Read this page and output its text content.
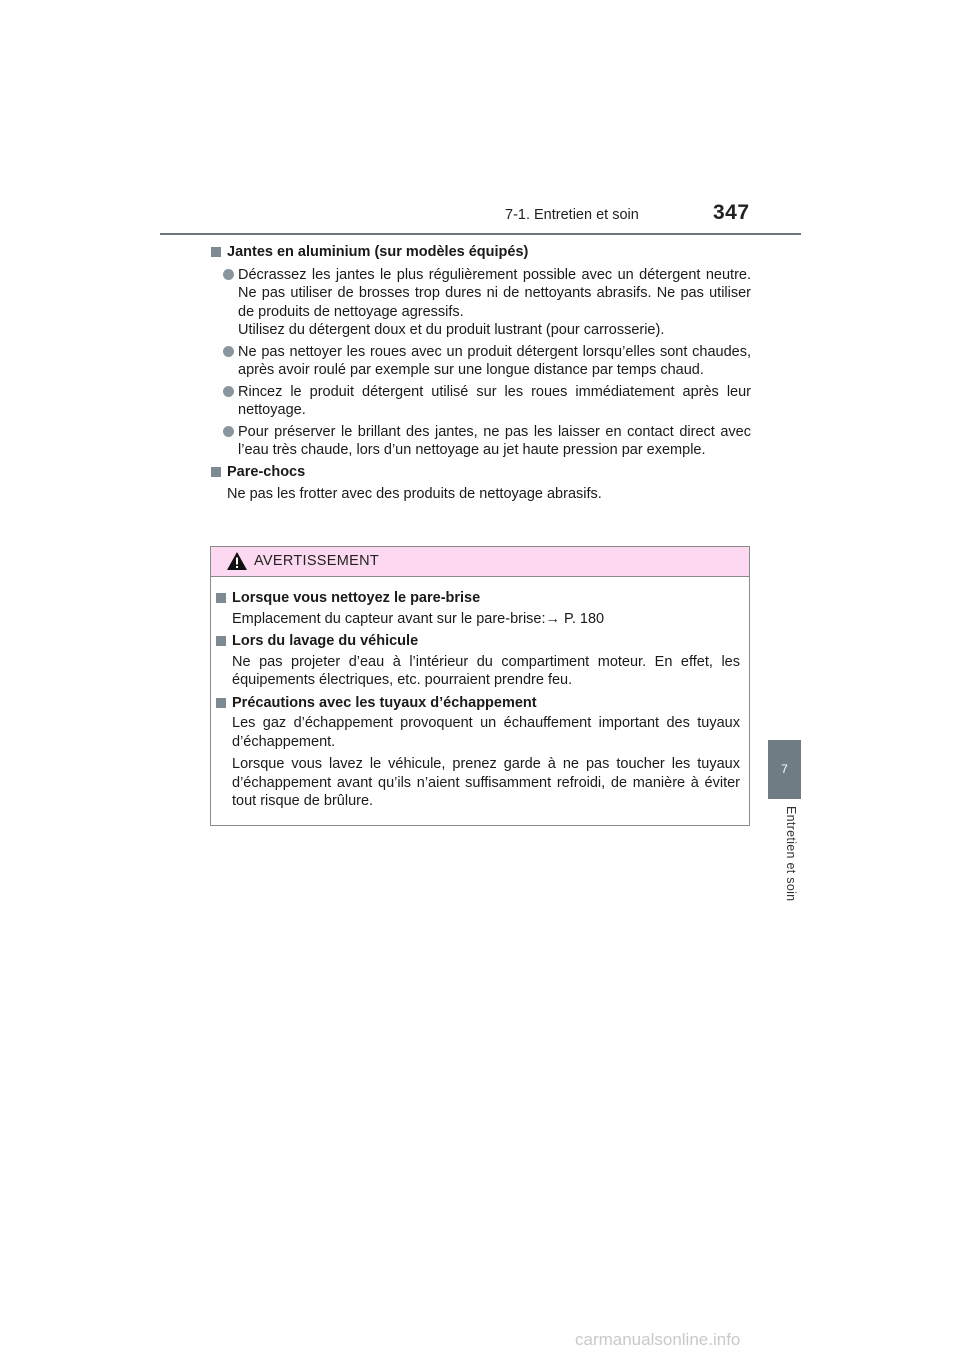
7-1. Entretien et soin	347
7
Entretien et soin
Jantes en aluminium (sur modèles équipés)

Décrassez les jantes le plus régulièrement possible avec un détergent neutre. Ne pas utiliser de brosses trop dures ni de nettoyants abrasifs. Ne pas utiliser de produits de nettoyage agressifs.

Utilisez du détergent doux et du produit lustrant (pour carrosserie).

Ne pas nettoyer les roues avec un produit détergent lorsqu’elles sont chaudes, après avoir roulé par exemple sur une longue distance par temps chaud.

Rincez le produit détergent utilisé sur les roues immédiatement après leur nettoyage.

Pour préserver le brillant des jantes, ne pas les laisser en contact direct avec l’eau très chaude, lors d’un nettoyage au jet haute pression par exemple.

Pare-chocs

Ne pas les frotter avec des produits de nettoyage abrasifs.

AVERTISSEMENT
Lorsque vous nettoyez le pare-brise

Emplacement du capteur avant sur le pare-brise:→ P. 180

Lors du lavage du véhicule

Ne pas projeter d’eau à l’intérieur du compartiment moteur. En effet, les équipements électriques, etc. pourraient prendre feu.

Précautions avec les tuyaux d’échappement

Les gaz d’échappement provoquent un échauffement important des tuyaux d’échappement.

Lorsque vous lavez le véhicule, prenez garde à ne pas toucher les tuyaux d’échappement avant qu’ils n’aient suffisamment refroidi, de manière à éviter tout risque de brûlure.

carmanualsonline.info
